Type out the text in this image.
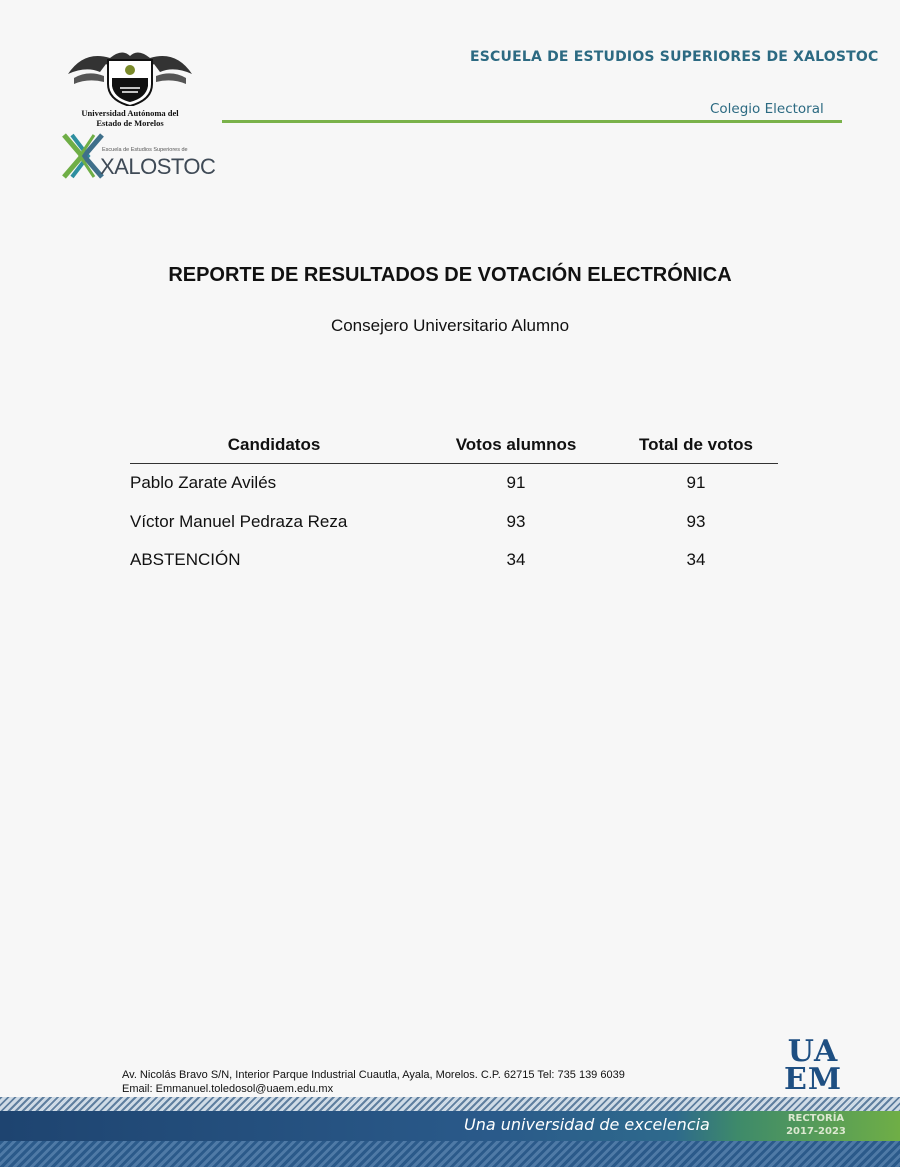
Universidad Autónoma del
Estado de Morelos
Escuela de Estudios Superiores de
XALOSTOC
ESCUELA DE ESTUDIOS SUPERIORES DE XALOSTOC
Colegio Electoral
REPORTE DE RESULTADOS DE VOTACIÓN ELECTRÓNICA
Consejero Universitario Alumno
Candidatos	Votos alumnos	Total de votos
Pablo Zarate Avilés	91	91
Víctor Manuel Pedraza Reza	93	93
ABSTENCIÓN	34	34
Av. Nicolás Bravo S/N, Interior Parque Industrial Cuautla, Ayala, Morelos. C.P. 62715 Tel: 735 139 6039
Email: Emmanuel.toledosol@uaem.edu.mx
UA
EM
Una universidad de excelencia	RECTORÍA
2017-2023
